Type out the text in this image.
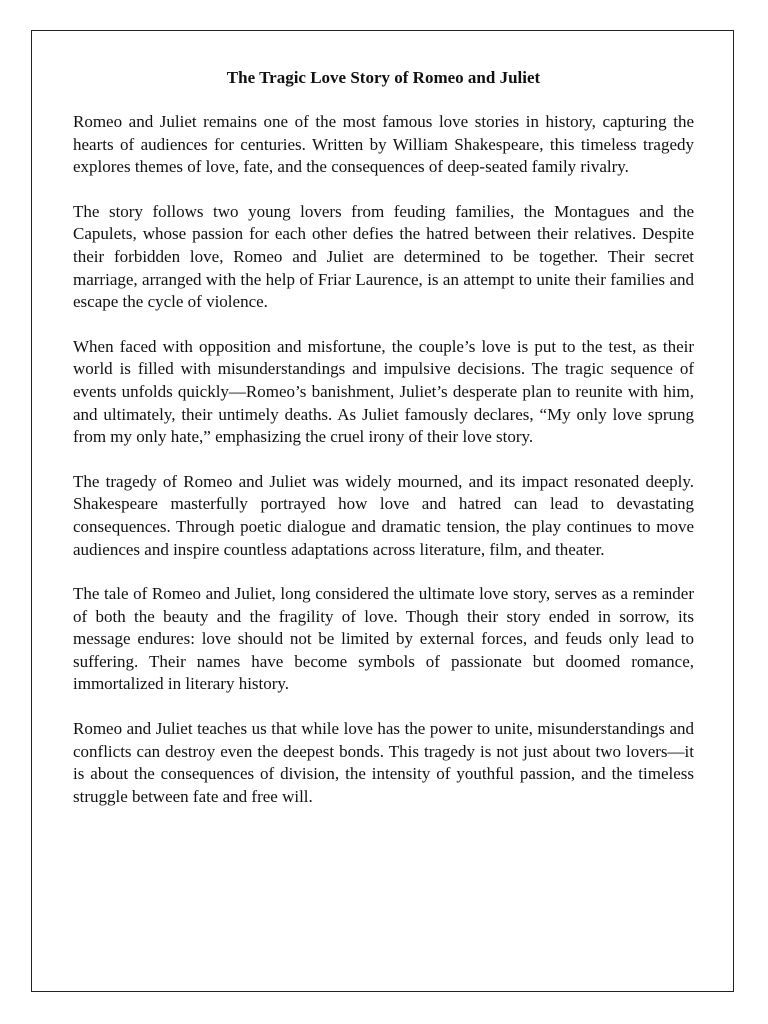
The Tragic Love Story of Romeo and Juliet

Romeo and Juliet remains one of the most famous love stories in history, capturing the hearts of audiences for centuries. Written by William Shakespeare, this timeless tragedy explores themes of love, fate, and the consequences of deep-seated family rivalry.

The story follows two young lovers from feuding families, the Montagues and the Capulets, whose passion for each other defies the hatred between their relatives. Despite their forbidden love, Romeo and Juliet are determined to be together. Their secret marriage, arranged with the help of Friar Laurence, is an attempt to unite their families and escape the cycle of violence.

When faced with opposition and misfortune, the couple’s love is put to the test, as their world is filled with misunderstandings and impulsive decisions. The tragic sequence of events unfolds quickly—Romeo’s banishment, Juliet’s desperate plan to reunite with him, and ultimately, their untimely deaths. As Juliet famously declares, “My only love sprung from my only hate,” emphasizing the cruel irony of their love story.

The tragedy of Romeo and Juliet was widely mourned, and its impact resonated deeply. Shakespeare masterfully portrayed how love and hatred can lead to devastating consequences. Through poetic dialogue and dramatic tension, the play continues to move audiences and inspire countless adaptations across literature, film, and theater.

The tale of Romeo and Juliet, long considered the ultimate love story, serves as a reminder of both the beauty and the fragility of love. Though their story ended in sorrow, its message endures: love should not be limited by external forces, and feuds only lead to suffering. Their names have become symbols of passionate but doomed romance, immortalized in literary history.

Romeo and Juliet teaches us that while love has the power to unite, misunderstandings and conflicts can destroy even the deepest bonds. This tragedy is not just about two lovers—it is about the consequences of division, the intensity of youthful passion, and the timeless struggle between fate and free will.
